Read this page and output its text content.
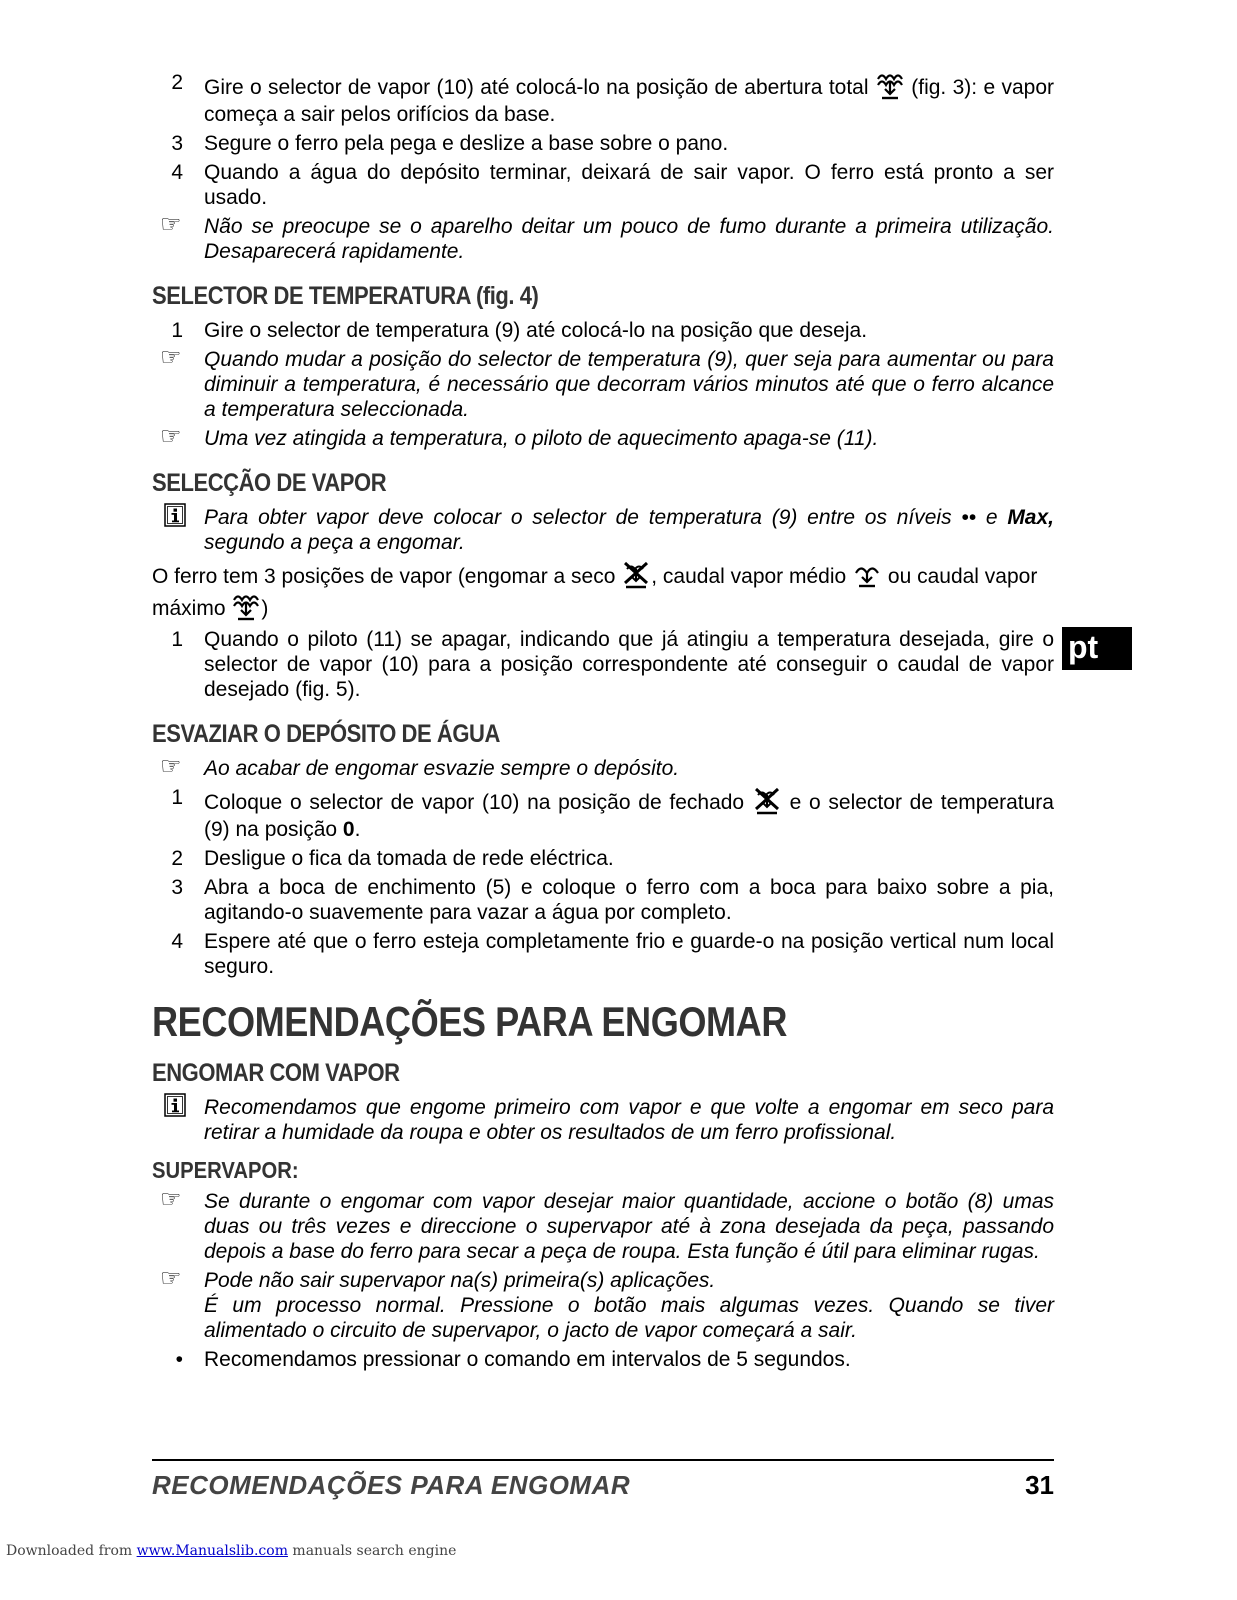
2 Gire o selector de vapor (10) até colocá-lo na posição de abertura total (fig. 3): e vapor começa a sair pelos orifícios da base.
3 Segure o ferro pela pega e deslize a base sobre o pano.
4 Quando a água do depósito terminar, deixará de sair vapor. O ferro está pronto a ser usado.
☞ Não se preocupe se o aparelho deitar um pouco de fumo durante a primeira utilização. Desaparecerá rapidamente.
SELECTOR DE TEMPERATURA (fig. 4)
1 Gire o selector de temperatura (9) até colocá-lo na posição que deseja.
☞ Quando mudar a posição do selector de temperatura (9), quer seja para aumentar ou para diminuir a temperatura, é necessário que decorram vários minutos até que o ferro alcance a temperatura seleccionada.
☞ Uma vez atingida a temperatura, o piloto de aquecimento apaga-se (11).
SELECÇÃO DE VAPOR
Para obter vapor deve colocar o selector de temperatura (9) entre os níveis •• e Max, segundo a peça a engomar.
O ferro tem 3 posições de vapor (engomar a seco , caudal vapor médio ou caudal vapor máximo )
1 Quando o piloto (11) se apagar, indicando que já atingiu a temperatura desejada, gire o selector de vapor (10) para a posição correspondente até conseguir o caudal de vapor desejado (fig. 5).
ESVAZIAR O DEPÓSITO DE ÁGUA
☞ Ao acabar de engomar esvazie sempre o depósito.
1 Coloque o selector de vapor (10) na posição de fechado e o selector de temperatura (9) na posição 0.
2 Desligue o fica da tomada de rede eléctrica.
3 Abra a boca de enchimento (5) e coloque o ferro com a boca para baixo sobre a pia, agitando-o suavemente para vazar a água por completo.
4 Espere até que o ferro esteja completamente frio e guarde-o na posição vertical num local seguro.
RECOMENDAÇÕES PARA ENGOMAR
ENGOMAR COM VAPOR
Recomendamos que engome primeiro com vapor e que volte a engomar em seco para retirar a humidade da roupa e obter os resultados de um ferro profissional.
SUPERVAPOR:
☞ Se durante o engomar com vapor desejar maior quantidade, accione o botão (8) umas duas ou três vezes e direccione o supervapor até à zona desejada da peça, passando depois a base do ferro para secar a peça de roupa. Esta função é útil para eliminar rugas.
☞ Pode não sair supervapor na(s) primeira(s) aplicações.
É um processo normal. Pressione o botão mais algumas vezes. Quando se tiver alimentado o circuito de supervapor, o jacto de vapor começará a sair.
• Recomendamos pressionar o comando em intervalos de 5 segundos.
pt
RECOMENDAÇÕES PARA ENGOMAR	31
Downloaded from www.Manualslib.com manuals search engine
